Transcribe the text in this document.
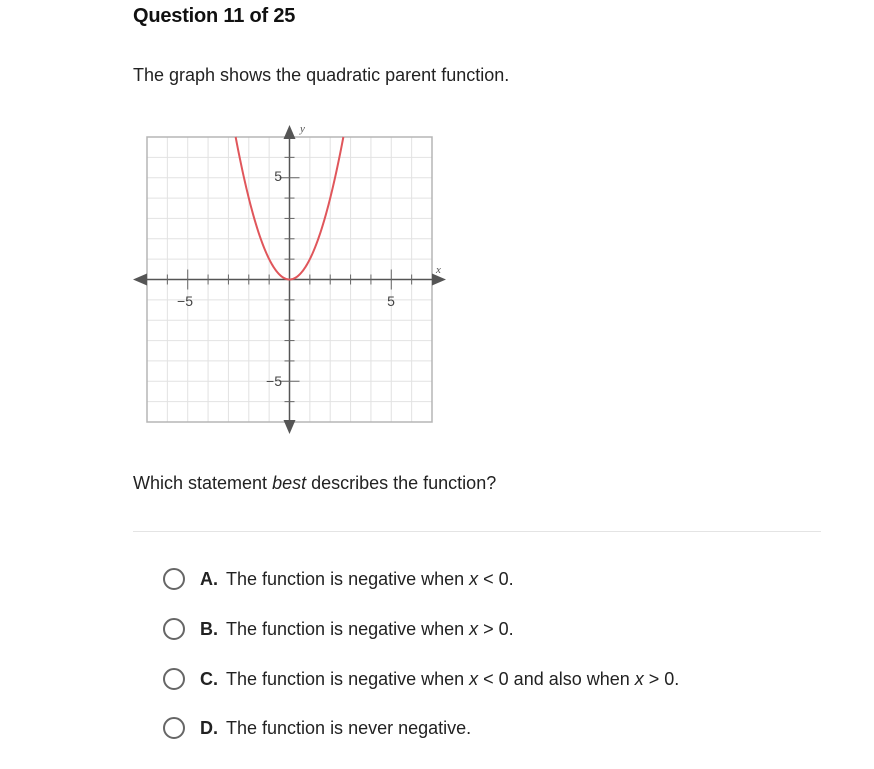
Question 11 of 25
The graph shows the quadratic parent function.
x
y
−5	5
5
−5
Which statement best describes the function?
A. The function is negative when x < 0.
B. The function is negative when x > 0.
C. The function is negative when x < 0 and also when x > 0.
D. The function is never negative.
